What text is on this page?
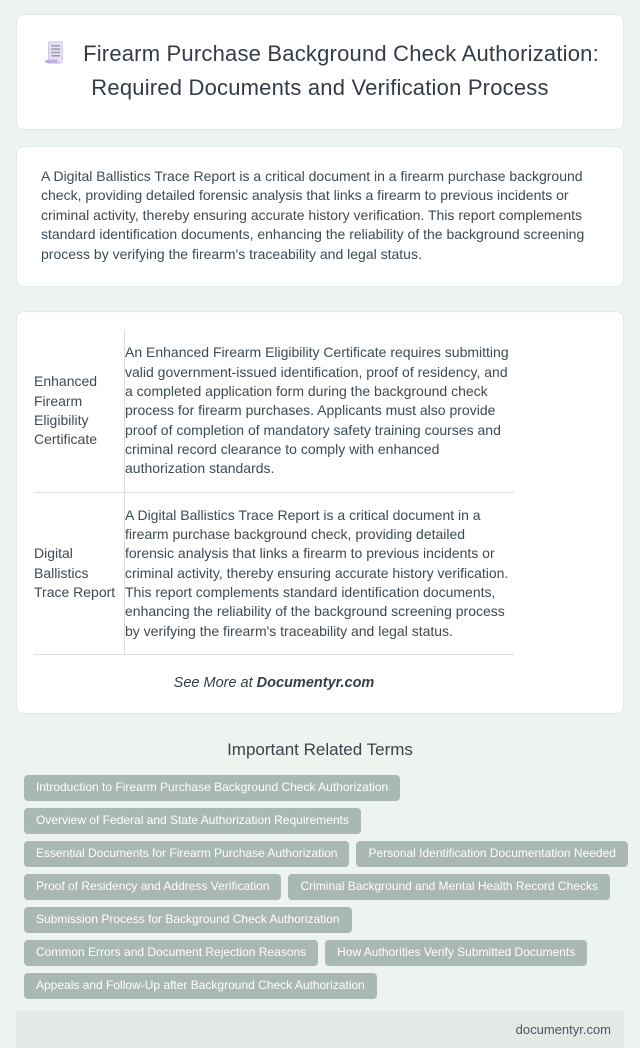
Firearm Purchase Background Check Authorization: Required Documents and Verification Process

A Digital Ballistics Trace Report is a critical document in a firearm purchase background check, providing detailed forensic analysis that links a firearm to previous incidents or criminal activity, thereby ensuring accurate history verification. This report complements standard identification documents, enhancing the reliability of the background screening process by verifying the firearm's traceability and legal status.

Enhanced Firearm Eligibility Certificate	An Enhanced Firearm Eligibility Certificate requires submitting valid government-issued identification, proof of residency, and a completed application form during the background check process for firearm purchases. Applicants must also provide proof of completion of mandatory safety training courses and criminal record clearance to comply with enhanced authorization standards.
Digital Ballistics Trace Report	A Digital Ballistics Trace Report is a critical document in a firearm purchase background check, providing detailed forensic analysis that links a firearm to previous incidents or criminal activity, thereby ensuring accurate history verification. This report complements standard identification documents, enhancing the reliability of the background screening process by verifying the firearm's traceability and legal status.
See More at Documentyr.com
Important Related Terms
Introduction to Firearm Purchase Background Check Authorization
Overview of Federal and State Authorization Requirements
Essential Documents for Firearm Purchase Authorization	Personal Identification Documentation Needed
Proof of Residency and Address Verification	Criminal Background and Mental Health Record Checks
Submission Process for Background Check Authorization
Common Errors and Document Rejection Reasons	How Authorities Verify Submitted Documents
Appeals and Follow-Up after Background Check Authorization
documentyr.com
